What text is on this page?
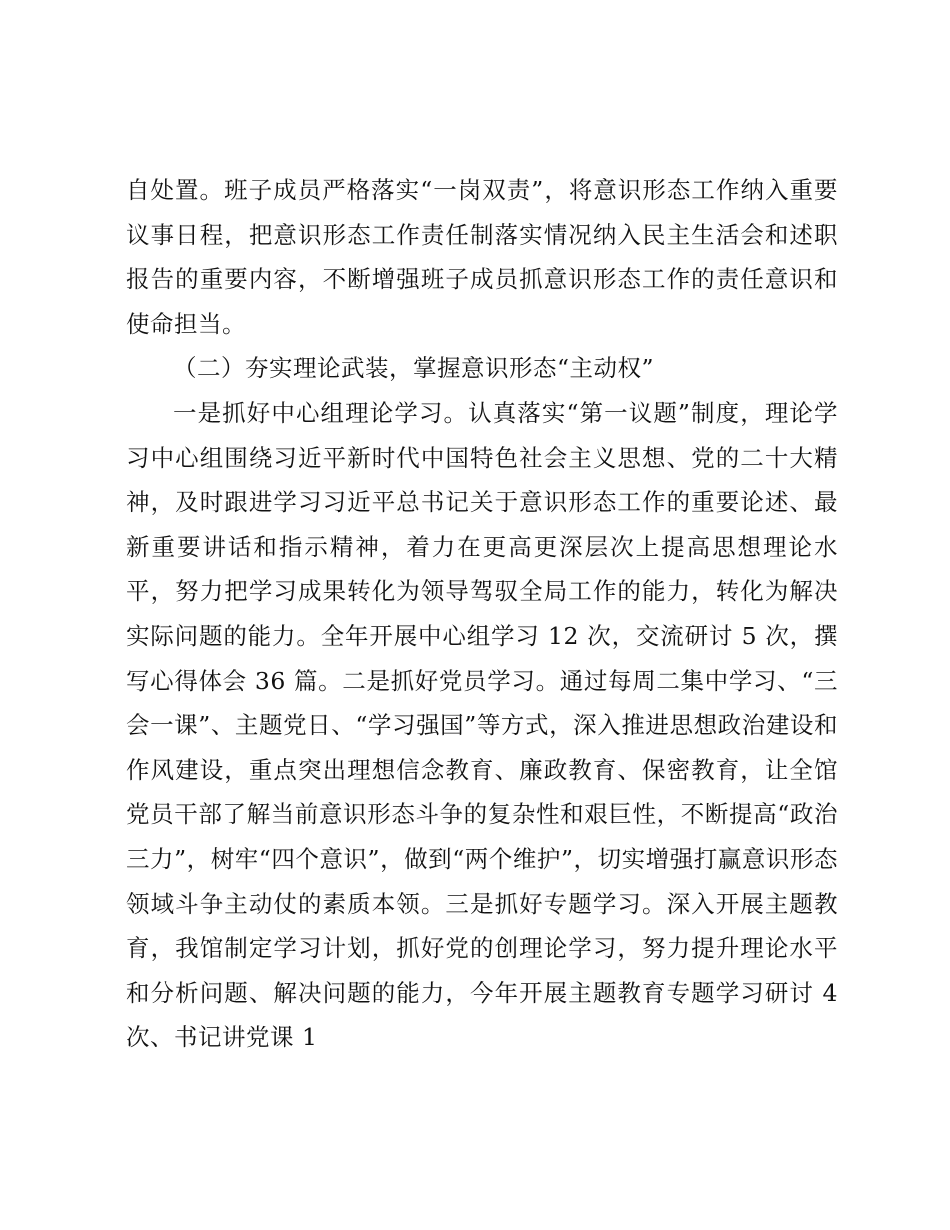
自处置。班子成员严格落实“一岗双责”，将意识形态工作纳入重要议事日程，把意识形态工作责任制落实情况纳入民主生活会和述职报告的重要内容，不断增强班子成员抓意识形态工作的责任意识和使命担当。

（二）夯实理论武装，掌握意识形态“主动权”

一是抓好中心组理论学习。认真落实“第一议题”制度，理论学习中心组围绕习近平新时代中国特色社会主义思想、党的二十大精神，及时跟进学习习近平总书记关于意识形态工作的重要论述、最新重要讲话和指示精神，着力在更高更深层次上提高思想理论水平，努力把学习成果转化为领导驾驭全局工作的能力，转化为解决实际问题的能力。全年开展中心组学习 12 次，交流研讨 5 次，撰写心得体会 36 篇。二是抓好党员学习。通过每周二集中学习、“三会一课”、主题党日、“学习强国”等方式，深入推进思想政治建设和作风建设，重点突出理想信念教育、廉政教育、保密教育，让全馆党员干部了解当前意识形态斗争的复杂性和艰巨性，不断提高“政治三力”，树牢“四个意识”，做到“两个维护”，切实增强打赢意识形态领域斗争主动仗的素质本领。三是抓好专题学习。深入开展主题教育，我馆制定学习计划，抓好党的创理论学习，努力提升理论水平和分析问题、解决问题的能力，今年开展主题教育专题学习研讨 4 次、书记讲党课 1
